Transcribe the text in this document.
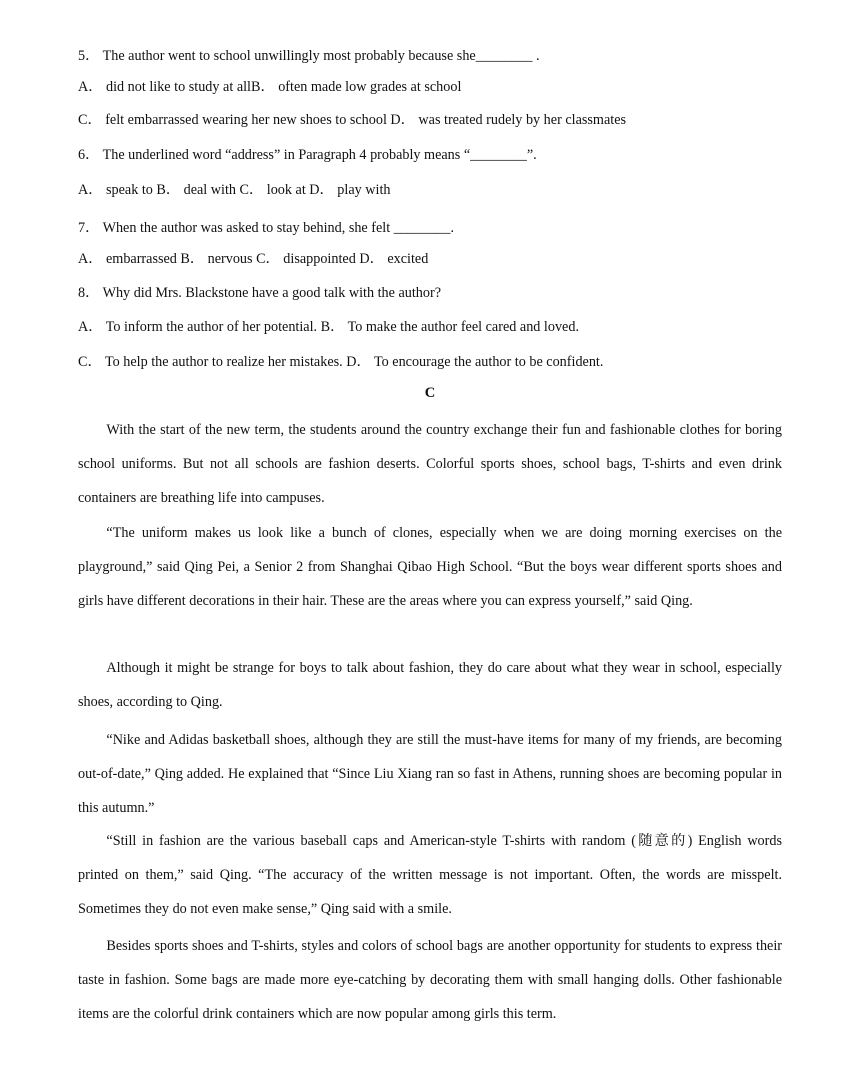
5． The author went to school unwillingly most probably because she________ .
A． did not like to study at allB． often made low grades at school
C． felt embarrassed wearing her new shoes to school D． was treated rudely by her classmates
6． The underlined word “address” in Paragraph 4 probably means “________”.
A． speak to B． deal with C． look at D． play with
7． When the author was asked to stay behind, she felt ________.
A． embarrassed B． nervous C． disappointed D． excited
8． Why did Mrs. Blackstone have a good talk with the author?
A． To inform the author of her potential. B． To make the author feel cared and loved.
C． To help the author to realize her mistakes. D． To encourage the author to be confident.
C

With the start of the new term, the students around the country exchange their fun and fashionable clothes for boring school uniforms. But not all schools are fashion deserts. Colorful sports shoes, school bags, T-shirts and even drink containers are breathing life into campuses.

“The uniform makes us look like a bunch of clones, especially when we are doing morning exercises on the playground,” said Qing Pei, a Senior 2 from Shanghai Qibao High School. “But the boys wear different sports shoes and girls have different decorations in their hair. These are the areas where you can express yourself,” said Qing.

Although it might be strange for boys to talk about fashion, they do care about what they wear in school, especially shoes, according to Qing.

“Nike and Adidas basketball shoes, although they are still the must-have items for many of my friends, are becoming out-of-date,” Qing added. He explained that “Since Liu Xiang ran so fast in Athens, running shoes are becoming popular in this autumn.”

“Still in fashion are the various baseball caps and American-style T-shirts with random (随意的) English words printed on them,” said Qing. “The accuracy of the written message is not important. Often, the words are misspelt. Sometimes they do not even make sense,” Qing said with a smile.

Besides sports shoes and T-shirts, styles and colors of school bags are another opportunity for students to express their taste in fashion. Some bags are made more eye-catching by decorating them with small hanging dolls. Other fashionable items are the colorful drink containers which are now popular among girls this term.
